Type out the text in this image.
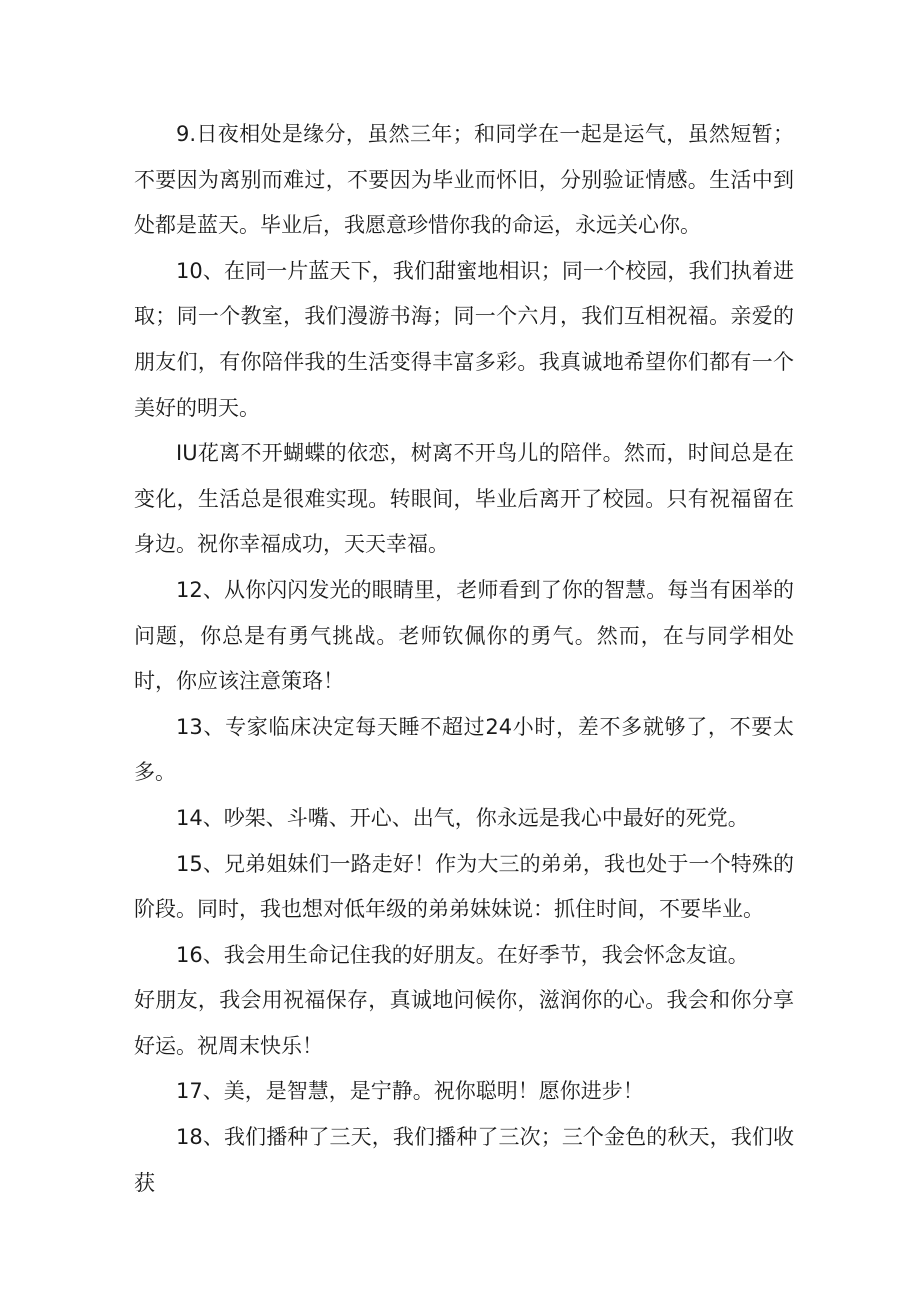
9.日夜相处是缘分，虽然三年；和同学在一起是运气，虽然短暂；不要因为离别而难过，不要因为毕业而怀旧，分别验证情感。生活中到处都是蓝天。毕业后，我愿意珍惜你我的命运，永远关心你。

10、在同一片蓝天下，我们甜蜜地相识；同一个校园，我们执着进取；同一个教室，我们漫游书海；同一个六月，我们互相祝福。亲爱的朋友们，有你陪伴我的生活变得丰富多彩。我真诚地希望你们都有一个美好的明天。

IU花离不开蝴蝶的依恋，树离不开鸟儿的陪伴。然而，时间总是在变化，生活总是很难实现。转眼间，毕业后离开了校园。只有祝福留在身边。祝你幸福成功，天天幸福。

12、从你闪闪发光的眼睛里，老师看到了你的智慧。每当有困举的问题，你总是有勇气挑战。老师钦佩你的勇气。然而，在与同学相处时，你应该注意策珞！

13、专家临床决定每天睡不超过24小时，差不多就够了，不要太多。

14、吵架、斗嘴、开心、出气，你永远是我心中最好的死党。

15、兄弟姐妹们一路走好！作为大三的弟弟，我也处于一个特殊的阶段。同时，我也想对低年级的弟弟妹妹说：抓住时间，不要毕业。

16、我会用生命记住我的好朋友。在好季节，我会怀念友谊。

好朋友，我会用祝福保存，真诚地问候你，滋润你的心。我会和你分享好运。祝周末快乐！

17、美，是智慧，是宁静。祝你聪明！愿你进步！

18、我们播种了三天，我们播种了三次；三个金色的秋天，我们收获
